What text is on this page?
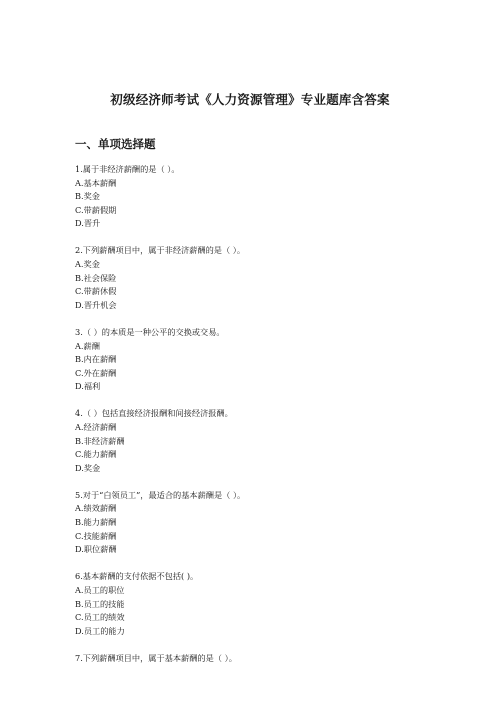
初级经济师考试《人力资源管理》专业题库含答案
一、单项选择题
1.属于非经济薪酬的是（ ）。
A.基本薪酬
B.奖金
C.带薪假期
D.晋升
2.下列薪酬项目中，属于非经济薪酬的是（ ）。
A.奖金
B.社会保险
C.带薪休假
D.晋升机会
3.（ ）的本质是一种公平的交换或交易。
A.薪酬
B.内在薪酬
C.外在薪酬
D.福利
4.（ ）包括直接经济报酬和间接经济报酬。
A.经济薪酬
B.非经济薪酬
C.能力薪酬
D.奖金
5.对于“白领员工”，最适合的基本薪酬是（ ）。
A.绩效薪酬
B.能力薪酬
C.技能薪酬
D.职位薪酬
6.基本薪酬的支付依据不包括( )。
A.员工的职位
B.员工的技能
C.员工的绩效
D.员工的能力
7.下列薪酬项目中，属于基本薪酬的是（ ）。
